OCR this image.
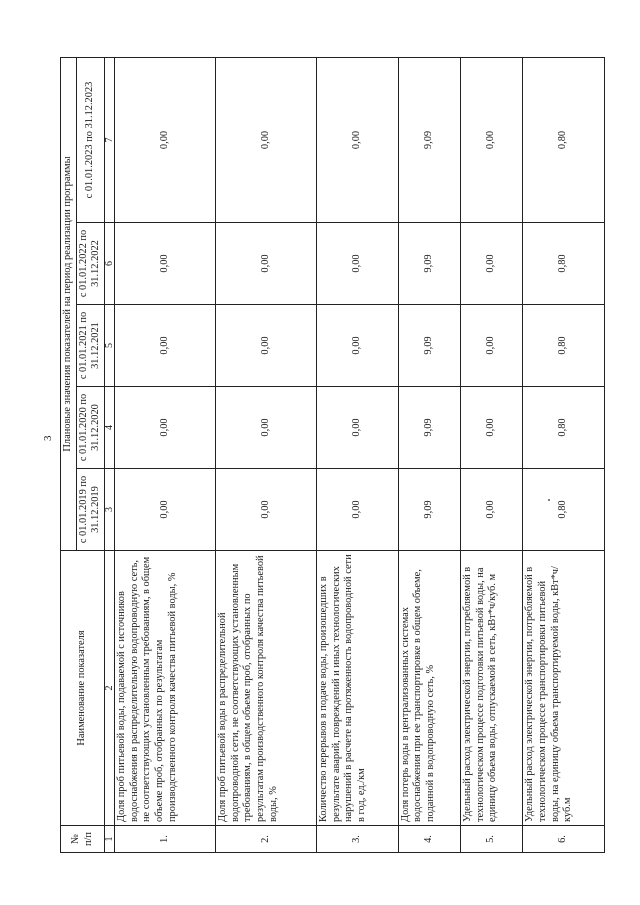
3
№ п/п	Наименование показателя	Плановые значения показателей на период реализации программы				
		с 01.01.2019 по 31.12.2019	с 01.01.2020 по 31.12.2020	с 01.01.2021 по 31.12.2021	с 01.01.2022 по 31.12.2022	с 01.01.2023 по 31.12.2023
1	2	3	4	5	6	7
1.	Доля проб питьевой воды, подаваемой с источников водоснабжения в распределительную водопроводную сеть, не соответствующих установленным требованиям, в общем объеме проб, отобранных по результатам производственного контроля качества питьевой воды, %	0,00	0,00	0,00	0,00	0,00
2.	Доля проб питьевой воды в распределительной водопроводной сети, не соответствующих установленным требованиям, в общем объеме проб, отобранных по результатам производственного контроля качества питьевой воды, %	0,00	0,00	0,00	0,00	0,00
3.	Количество перерывов в подаче воды, произошедших в результате аварий, повреждений и иных технологических нарушений в расчете на протяженность водопроводной сети в год, ед./км	0,00	0,00	0,00	0,00	0,00
4.	Доля потерь воды в централизованных системах водоснабжения при ее транспортировке в общем объеме, поданной в водопроводную сеть, %	9,09	9,09	9,09	9,09	9,09
5.	Удельный расход электрической энергии, потребляемой в технологическом процессе подготовки питьевой воды, на единицу объема воды, отпускаемой в сеть, кВт*ч/куб. м	0,00	0,00	0,00	0,00	0,00
6.	Удельный расход электрической энергии, потребляемой в технологическом процессе транспортировки питьевой воды, на единицу объема транспортируемой воды, кВт*ч/куб.м	0,80	0,80	0,80	0,80	0,80
